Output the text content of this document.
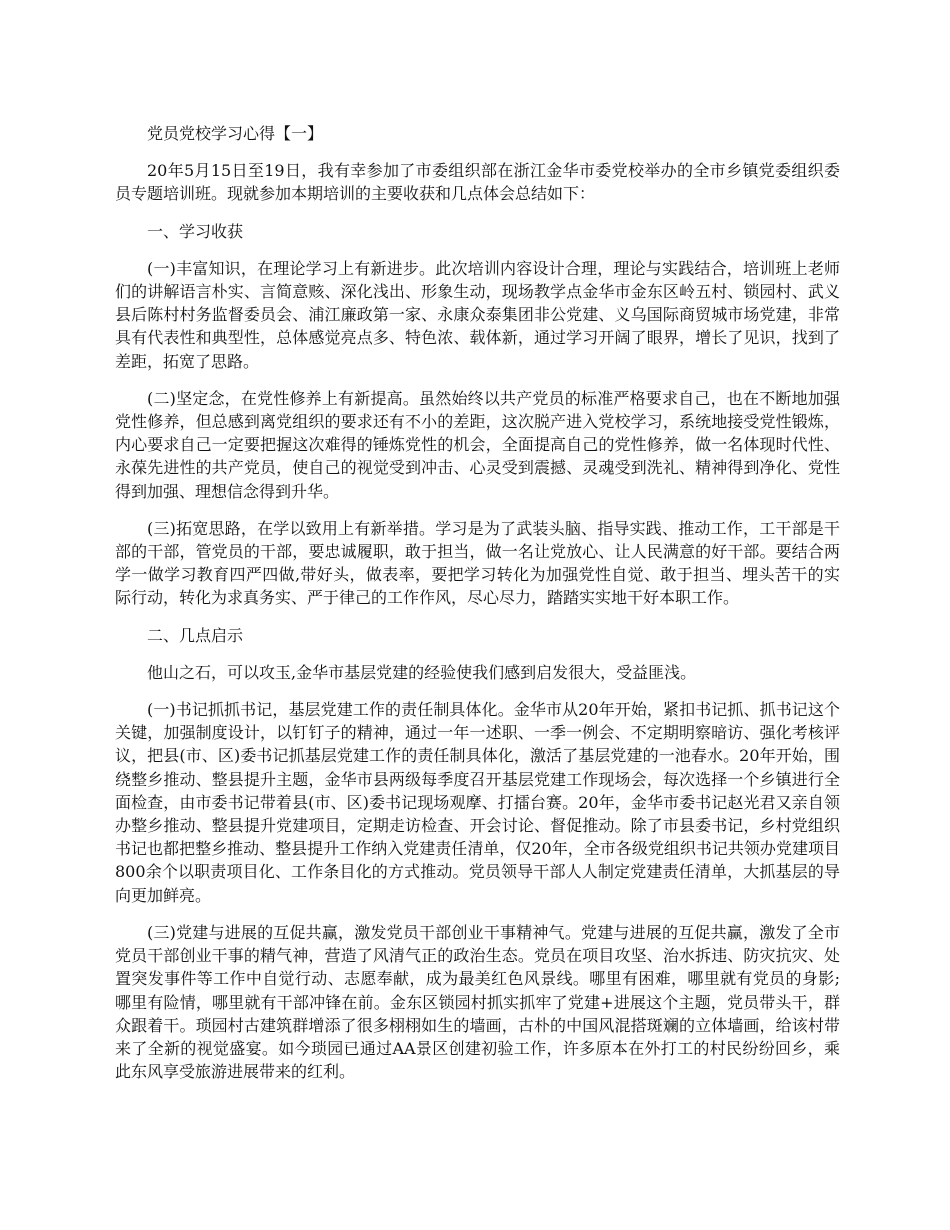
党员党校学习心得【一】

20年5月15日至19日，我有幸参加了市委组织部在浙江金华市委党校举办的全市乡镇党委组织委员专题培训班。现就参加本期培训的主要收获和几点体会总结如下：

一、学习收获

(一)丰富知识，在理论学习上有新进步。此次培训内容设计合理，理论与实践结合，培训班上老师们的讲解语言朴实、言简意赅、深化浅出、形象生动，现场教学点金华市金东区岭五村、锁园村、武义县后陈村村务监督委员会、浦江廉政第一家、永康众泰集团非公党建、义乌国际商贸城市场党建，非常具有代表性和典型性，总体感觉亮点多、特色浓、载体新，通过学习开阔了眼界，增长了见识，找到了差距，拓宽了思路。

(二)坚定念，在党性修养上有新提高。虽然始终以共产党员的标准严格要求自己，也在不断地加强党性修养，但总感到离党组织的要求还有不小的差距，这次脱产进入党校学习，系统地接受党性锻炼，内心要求自己一定要把握这次难得的锤炼党性的机会，全面提高自己的党性修养，做一名体现时代性、永葆先进性的共产党员，使自己的视觉受到冲击、心灵受到震撼、灵魂受到洗礼、精神得到净化、党性得到加强、理想信念得到升华。

(三)拓宽思路，在学以致用上有新举措。学习是为了武装头脑、指导实践、推动工作，工干部是干部的干部，管党员的干部，要忠诚履职，敢于担当，做一名让党放心、让人民满意的好干部。要结合两学一做学习教育四严四做,带好头，做表率，要把学习转化为加强党性自觉、敢于担当、埋头苦干的实际行动，转化为求真务实、严于律己的工作作风，尽心尽力，踏踏实实地干好本职工作。

二、几点启示

他山之石，可以攻玉,金华市基层党建的经验使我们感到启发很大，受益匪浅。

(一)书记抓抓书记，基层党建工作的责任制具体化。金华市从20年开始，紧扣书记抓、抓书记这个关键，加强制度设计，以钉钉子的精神，通过一年一述职、一季一例会、不定期明察暗访、强化考核评议，把县(市、区)委书记抓基层党建工作的责任制具体化，激活了基层党建的一池春水。20年开始，围绕整乡推动、整县提升主题，金华市县两级每季度召开基层党建工作现场会，每次选择一个乡镇进行全面检查，由市委书记带着县(市、区)委书记现场观摩、打擂台赛。20年，金华市委书记赵光君又亲自领办整乡推动、整县提升党建项目，定期走访检查、开会讨论、督促推动。除了市县委书记，乡村党组织书记也都把整乡推动、整县提升工作纳入党建责任清单，仅20年，全市各级党组织书记共领办党建项目800余个以职责项目化、工作条目化的方式推动。党员领导干部人人制定党建责任清单，大抓基层的导向更加鲜亮。

(三)党建与进展的互促共赢，激发党员干部创业干事精神气。党建与进展的互促共赢，激发了全市党员干部创业干事的精气神，营造了风清气正的政治生态。党员在项目攻坚、治水拆违、防灾抗灾、处置突发事件等工作中自觉行动、志愿奉献，成为最美红色风景线。哪里有困难，哪里就有党员的身影;哪里有险情，哪里就有干部冲锋在前。金东区锁园村抓实抓牢了党建+进展这个主题，党员带头干，群众跟着干。琐园村古建筑群增添了很多栩栩如生的墙画，古朴的中国风混搭斑斓的立体墙画，给该村带来了全新的视觉盛宴。如今琐园已通过AA景区创建初验工作，许多原本在外打工的村民纷纷回乡，乘此东风享受旅游进展带来的红利。
